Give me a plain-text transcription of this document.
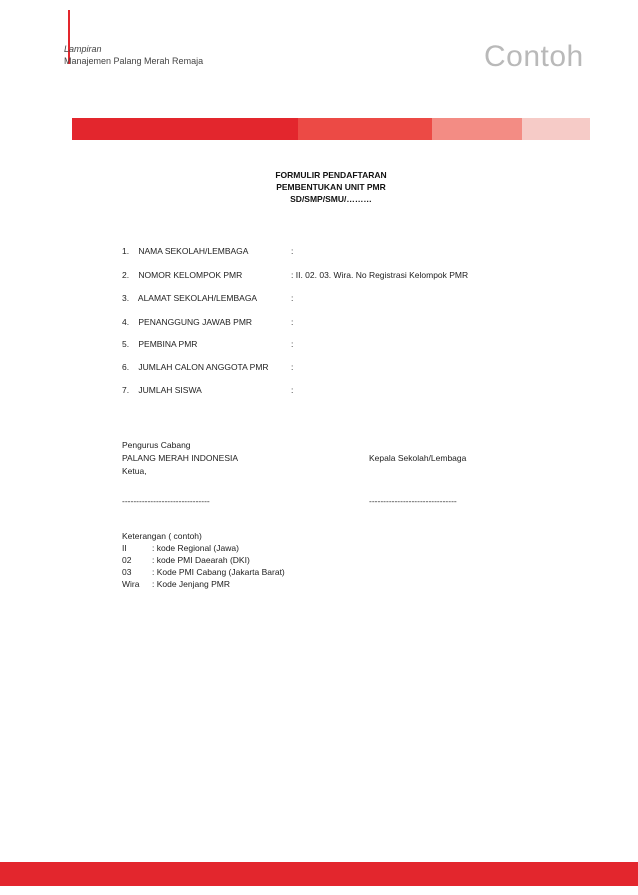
Lampiran
Manajemen Palang Merah Remaja	Contoh
FORMULIR PENDAFTARAN
PEMBENTUKAN UNIT PMR
SD/SMP/SMU/………
1. NAMA SEKOLAH/LEMBAGA	:
2. NOMOR KELOMPOK PMR	: II. 02. 03. Wira. No Registrasi Kelompok PMR
3. ALAMAT SEKOLAH/LEMBAGA	:
4. PENANGGUNG JAWAB PMR	:
5. PEMBINA PMR	:
6. JUMLAH CALON ANGGOTA PMR	:
7. JUMLAH SISWA	:
Pengurus Cabang
PALANG MERAH INDONESIA
Ketua,
Kepala Sekolah/Lembaga
-------------------------------	-------------------------------
Keterangan ( contoh)
II	: kode Regional (Jawa)
02 : kode PMI Daearah (DKI)
03 : Kode PMI Cabang (Jakarta Barat)
Wira : Kode Jenjang PMR
